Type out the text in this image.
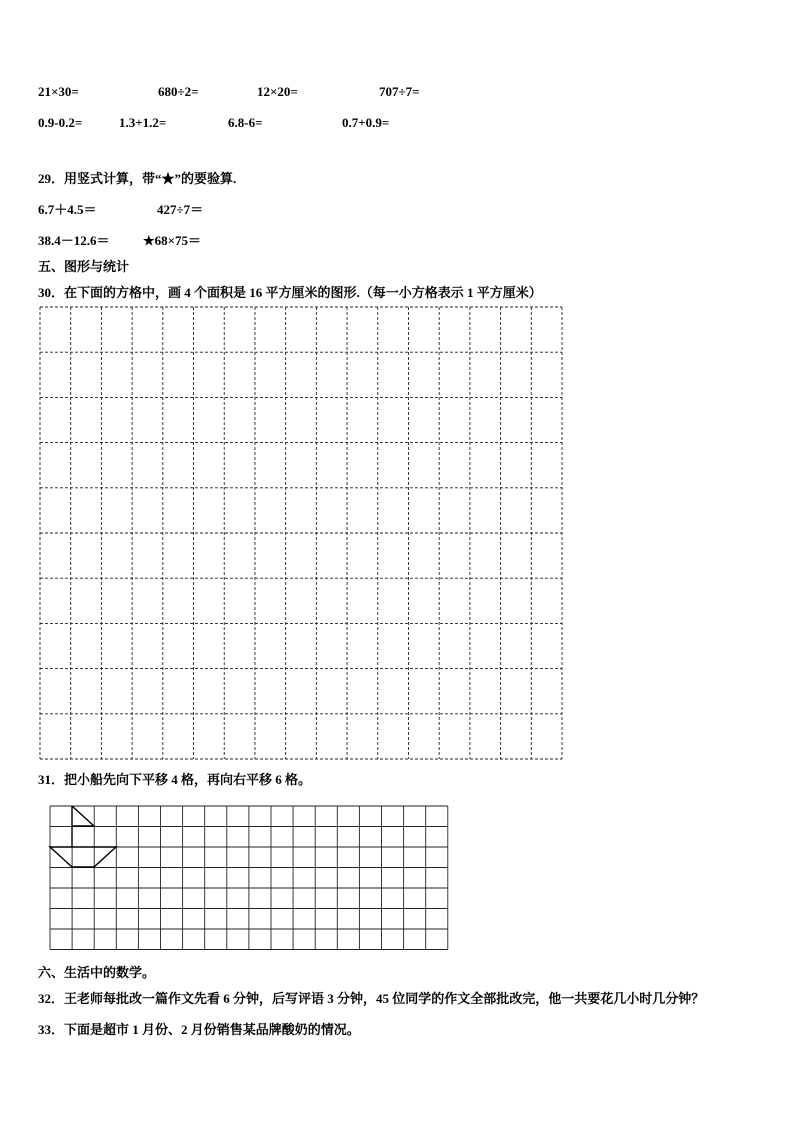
21×30=	680÷2=	12×20=	707÷7=
0.9-0.2=	1.3+1.2=	6.8-6=	0.7+0.9=
29．用竖式计算，带“★”的要验算.
6.7＋4.5＝	427÷7＝
38.4－12.6＝	★68×75＝
五、图形与统计
30．在下面的方格中，画 4 个面积是 16 平方厘米的图形.（每一小方格表示 1 平方厘米）
31．把小船先向下平移 4 格，再向右平移 6 格。
六、生活中的数学。
32．王老师每批改一篇作文先看 6 分钟，后写评语 3 分钟，45 位同学的作文全部批改完，他一共要花几小时几分钟？
33．下面是超市 1 月份、2 月份销售某品牌酸奶的情况。
